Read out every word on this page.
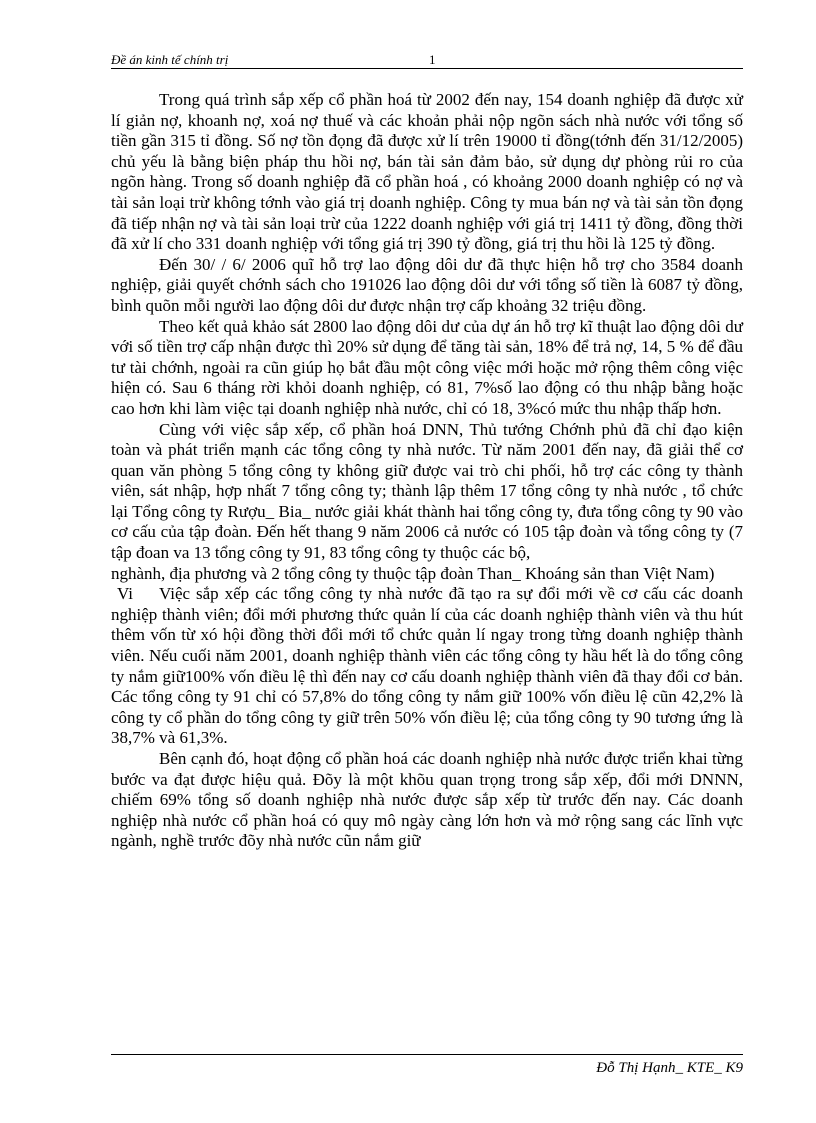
Đề án kinh tế chính trị	1

Trong quá trình sắp xếp cổ phần hoá từ 2002 đến nay, 154 doanh nghiệp đã được xử lí giản nợ, khoanh nợ, xoá nợ thuế và các khoản phải nộp ngõn sách nhà nước với tổng số tiền gần 315 tỉ đồng. Số nợ tồn đọng đã được xử lí trên 19000 tỉ đồng(tớnh đến 31/12/2005) chủ yếu là bằng biện pháp thu hồi nợ, bán tài sản đảm bảo, sử dụng dự phòng rủi ro của ngõn hàng. Trong số doanh nghiệp đã cổ phần hoá , có khoảng 2000 doanh nghiệp có nợ và tài sản loại trừ không tớnh vào giá trị doanh nghiệp. Công ty mua bán nợ và tài sản tồn đọng đã tiếp nhận nợ và tài sản loại trừ của 1222 doanh nghiệp với giá trị 1411 tỷ đồng, đồng thời đã xử lí cho 331 doanh nghiệp với tổng giá trị 390 tỷ đồng, giá trị thu hồi là 125 tỷ đồng.

Đến 30/ / 6/ 2006 quĩ hỗ trợ lao động dôi dư đã thực hiện hỗ trợ cho 3584 doanh nghiệp, giải quyết chớnh sách cho 191026 lao động dôi dư với tổng số tiền là 6087 tỷ đồng, bình quõn mỗi người lao động dôi dư được nhận trợ cấp khoảng 32 triệu đồng.

Theo kết quả khảo sát 2800 lao động dôi dư của dự án hỗ trợ kĩ thuật lao động dôi dư với số tiền trợ cấp nhận được thì 20% sử dụng để tăng tài sản, 18% để trả nợ, 14, 5 % để đầu tư tài chớnh, ngoài ra cũn giúp họ bắt đầu một công việc mới hoặc mở rộng thêm công việc hiện có. Sau 6 tháng rời khỏi doanh nghiệp, có 81, 7%số lao động có thu nhập bằng hoặc cao hơn khi làm việc tại doanh nghiệp nhà nước, chỉ có 18, 3%có mức thu nhập thấp hơn.

Cùng với việc sắp xếp, cổ phần hoá DNN, Thủ tướng Chớnh phủ đã chỉ đạo kiện toàn và phát triển mạnh các tổng công ty nhà nước. Từ năm 2001 đến nay, đã giải thể cơ quan văn phòng 5 tổng công ty không giữ được vai trò chi phối, hỗ trợ các công ty thành viên, sát nhập, hợp nhất 7 tổng công ty; thành lập thêm 17 tổng công ty nhà nước , tổ chức lại Tổng công ty Rượu_ Bia_ nước giải khát thành hai tổng công ty, đưa tổng công ty 90 vào cơ cấu của tập đoàn. Đến hết thang 9 năm 2006 cả nước có 105 tập đoàn và tổng công ty (7 tập đoan va 13 tổng công ty 91, 83 tổng công ty thuộc các bộ,

nghành, địa phương và 2 tổng công ty thuộc tập đoàn Than_ Khoáng sản than Việt Nam)

Vi Việc sắp xếp các tổng công ty nhà nước đã tạo ra sự đổi mới về cơ cấu các doanh nghiệp thành viên; đổi mới phương thức quản lí của các doanh nghiệp thành viên và thu hút thêm vốn từ xó hội đồng thời đổi mới tổ chức quản lí ngay trong từng doanh nghiệp thành viên. Nếu cuối năm 2001, doanh nghiệp thành viên các tổng công ty hầu hết là do tổng công ty nắm giữ100% vốn điều lệ thì đến nay cơ cấu doanh nghiệp thành viên đã thay đổi cơ bản. Các tổng công ty 91 chỉ có 57,8% do tổng công ty nắm giữ 100% vốn điều lệ cũn 42,2% là công ty cổ phần do tổng công ty giữ trên 50% vốn điều lệ; của tổng công ty 90 tương ứng là 38,7% và 61,3%.

Bên cạnh đó, hoạt động cổ phần hoá các doanh nghiệp nhà nước được triển khai từng bước va đạt được hiệu quả. Đõy là một khõu quan trọng trong sắp xếp, đổi mới DNNN, chiếm 69% tổng số doanh nghiệp nhà nước được sắp xếp từ trước đến nay. Các doanh nghiệp nhà nước cổ phần hoá có quy mô ngày càng lớn hơn và mở rộng sang các lĩnh vực ngành, nghề trước đõy nhà nước cũn nắm giữ

Đỗ Thị Hạnh_ KTE_ K9
